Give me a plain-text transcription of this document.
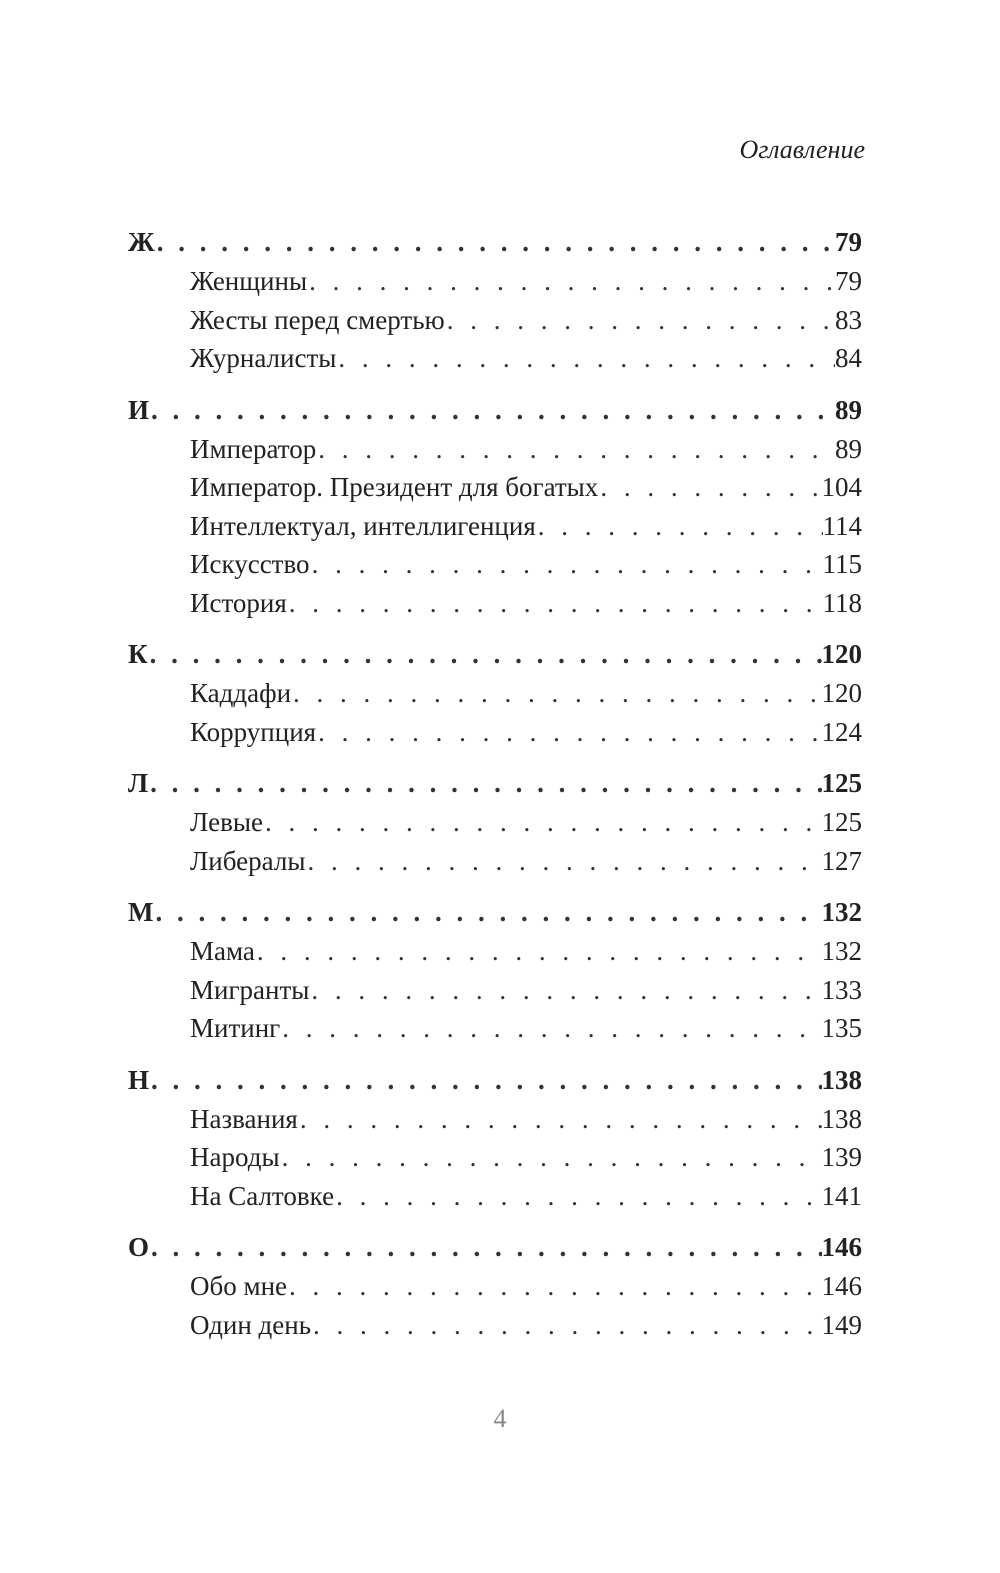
Оглавление
Ж . . .	79
Женщины . . .	79
Жесты перед смертью . . .	83
Журналисты . . .	84
И . . .	89
Император . . .	89
Император. Президент для богатых . . .	104
Интеллектуал, интеллигенция . . .	114
Искусство . . .	115
История . . .	118
К . . .	120
Каддафи . . .	120
Коррупция . . .	124
Л . . .	125
Левые . . .	125
Либералы . . .	127
М . . .	132
Мама . . .	132
Мигранты . . .	133
Митинг . . .	135
Н . . .	138
Названия . . .	138
Народы . . .	139
На Салтовке . . .	141
О . . .	146
Обо мне . . .	146
Один день . . .	149
4
